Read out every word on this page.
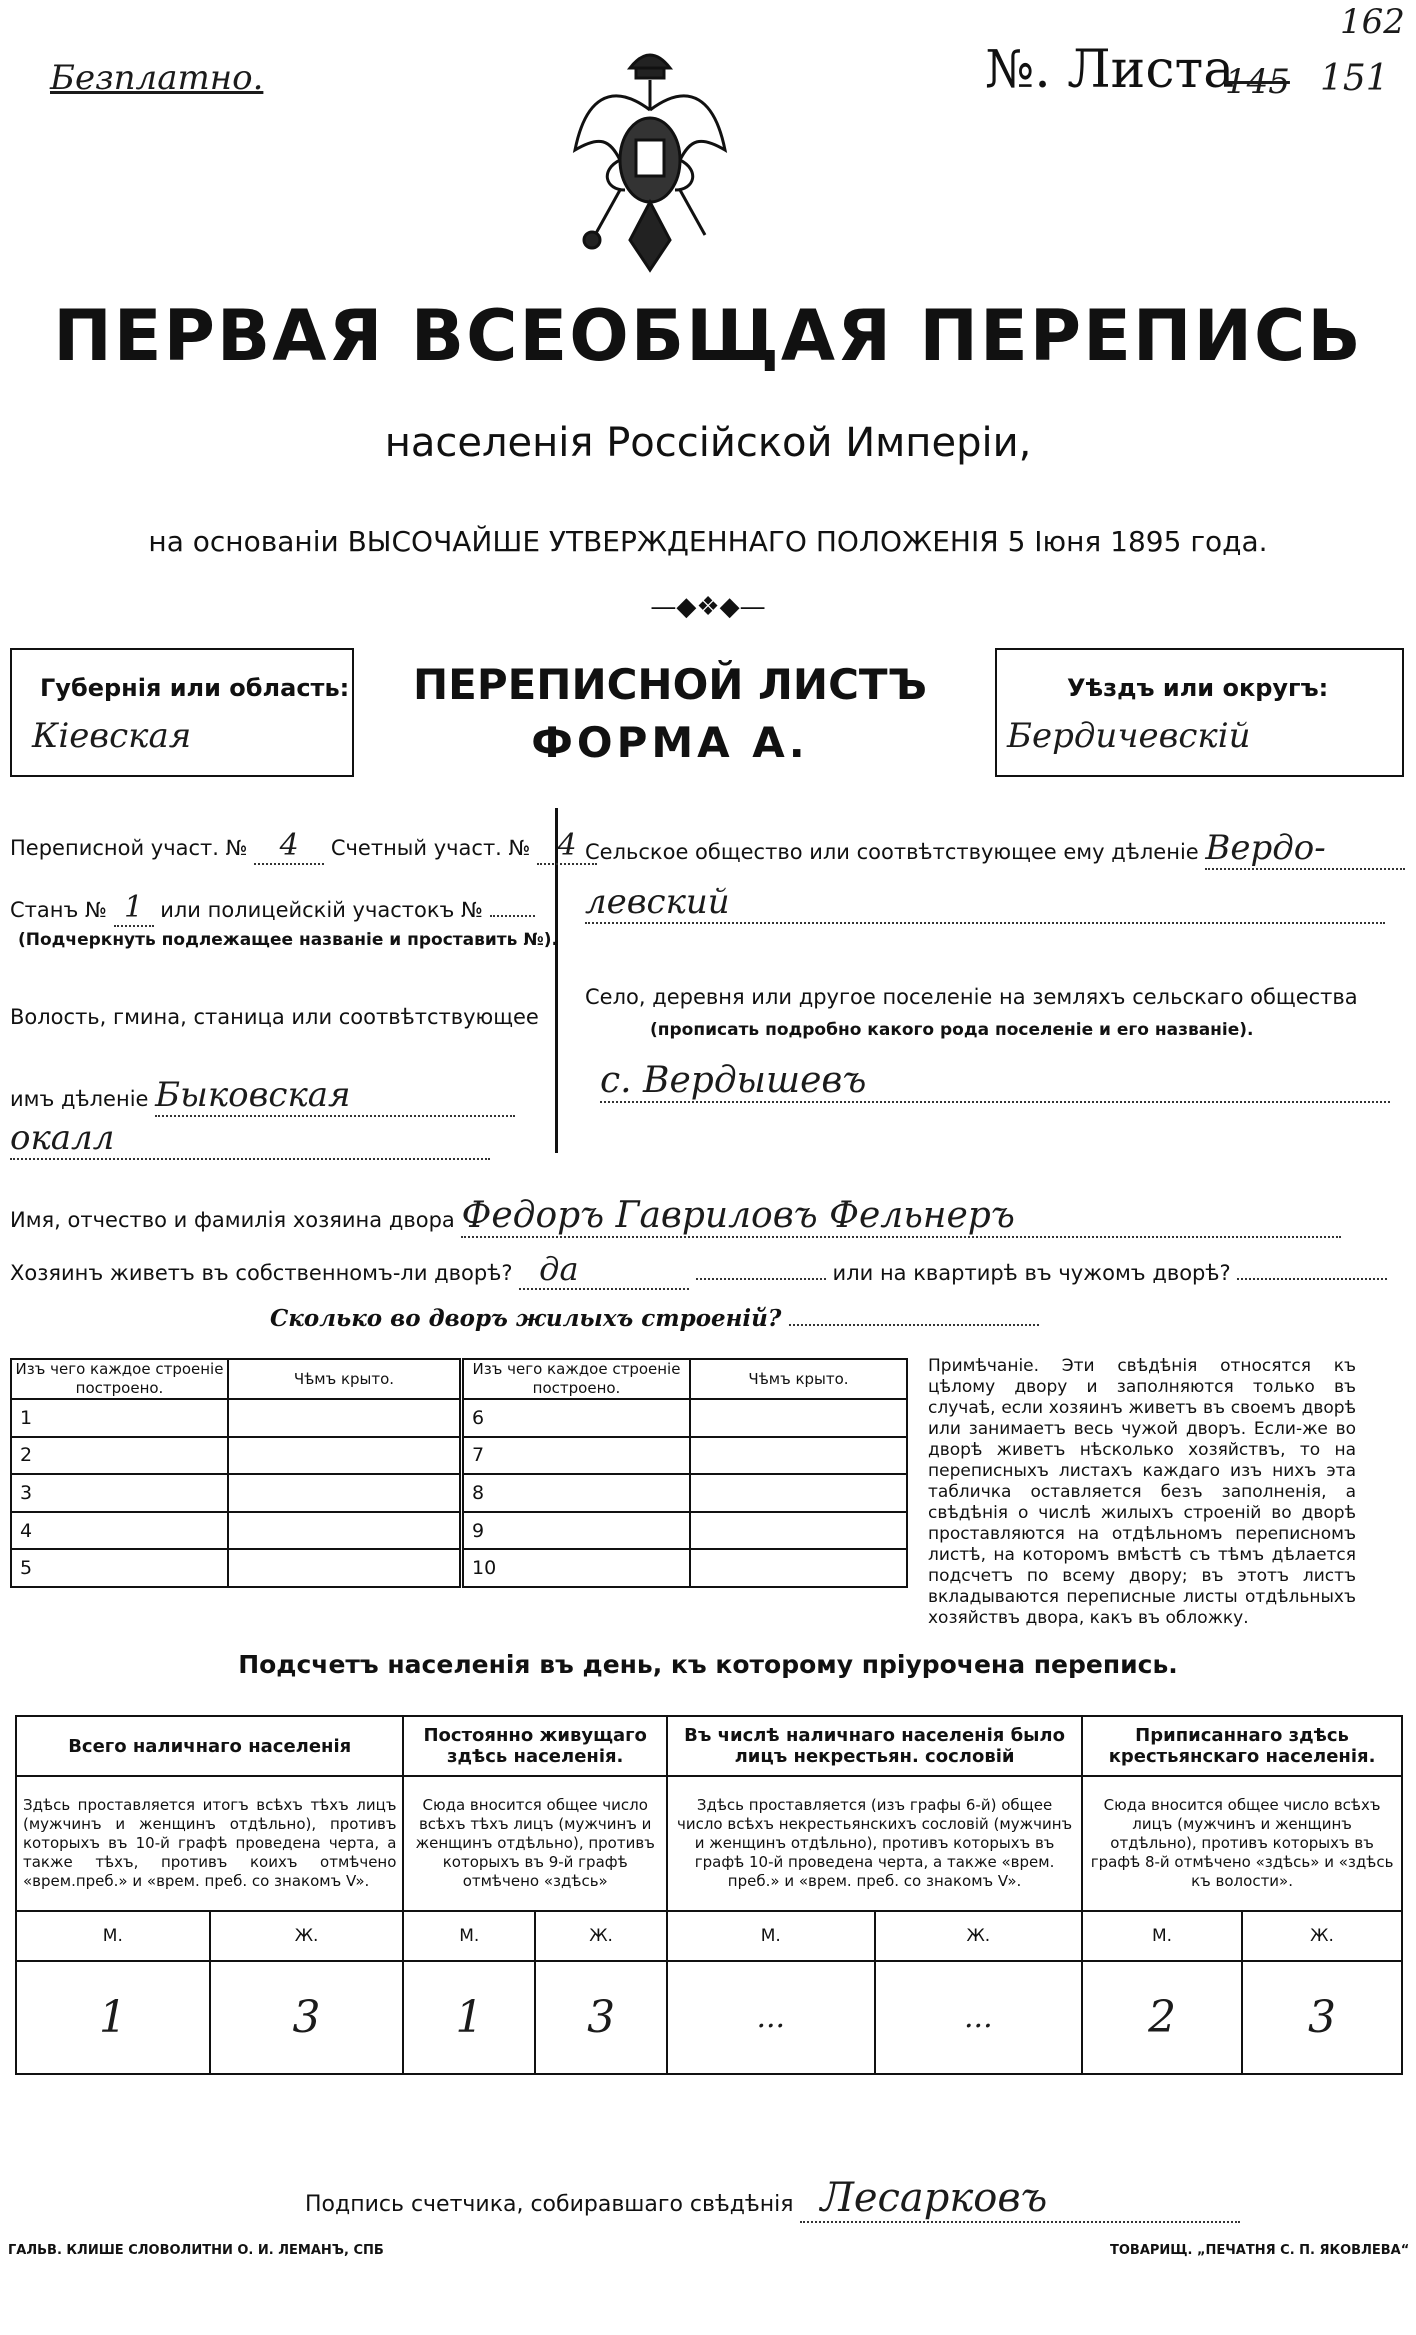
Безплатно.	№. Листа
145 151
162
ПЕРВАЯ ВСЕОБЩАЯ ПЕРЕПИСЬ
населенія Россійской Имперіи,
на основаніи ВЫСОЧАЙШЕ УТВЕРЖДЕННАГО ПОЛОЖЕНІЯ 5 Іюня 1895 года.
—◆❖◆—
Губернія или область:
Кіевская
ПЕРЕПИСНОЙ ЛИСТЪ
ФОРМА А.
Уѣздъ или округъ:
Бердичевскій
Переписной участ. № 4 Счетный участ. № 4
Станъ № 1 или полицейскій участокъ №
(Подчеркнуть подлежащее названіе и проставить №).
Волость, гмина, станица или соотвѣтствующее
имъ дѣленіе Быковская
окалл
Сельское общество или соотвѣтствующее ему дѣленіе Вердо-
левский
Село, деревня или другое поселеніе на земляхъ сельскаго общества
(прописать подробно какого рода поселеніе и его названіе).
с. Вердышевъ
Имя, отчество и фамилія хозяина двора Федоръ Гавриловъ Фельнеръ
Хозяинъ живетъ въ собственномъ-ли дворѣ? да	или на квартирѣ въ чужомъ дворѣ?
Сколько во дворъ жилыхъ строеній?
Изъ чего каждое строеніе построено.	Чѣмъ крыто.	Изъ чего каждое строеніе построено.	Чѣмъ крыто.
1		6	
2		7	
3		8	
4		9	
5		10	
Примѣчаніе. Эти свѣдѣнія относятся къ цѣлому двору и заполняются только въ случаѣ, если хозяинъ живетъ въ своемъ дворѣ или занимаетъ весь чужой дворъ. Если-же во дворѣ живетъ нѣсколько хозяйствъ, то на переписныхъ листахъ каждаго изъ нихъ эта табличка оставляется безъ заполненія, а свѣдѣнія о числѣ жилыхъ строеній во дворѣ проставляются на отдѣльномъ переписномъ листѣ, на которомъ вмѣстѣ съ тѣмъ дѣлается подсчетъ по всему двору; въ этотъ листъ вкладываются переписные листы отдѣльныхъ хозяйствъ двора, какъ въ обложку.
Подсчетъ населенія въ день, къ которому пріурочена перепись.
Всего наличнаго населенія		Постоянно живущаго здѣсь населенія.		Въ числѣ наличнаго населенія было лицъ некрестьян. сословій		Приписаннаго здѣсь крестьянскаго населенія.	
Здѣсь проставляется итогъ всѣхъ тѣхъ лицъ (мужчинъ и женщинъ отдѣльно), противъ которыхъ въ 10-й графѣ проведена черта, а также тѣхъ, противъ коихъ отмѣчено «врем.преб.» и «врем. преб. со знакомъ V».		Сюда вносится общее число всѣхъ тѣхъ лицъ (мужчинъ и женщинъ отдѣльно), противъ которыхъ въ 9-й графѣ отмѣчено «здѣсь»		Здѣсь проставляется (изъ графы 6-й) общее число всѣхъ некрестьянскихъ сословій (мужчинъ и женщинъ отдѣльно), противъ которыхъ въ графѣ 10-й проведена черта, а также «врем. преб.» и «врем. преб. со знакомъ V».		Сюда вносится общее число всѣхъ лицъ (мужчинъ и женщинъ отдѣльно), противъ которыхъ въ графѣ 8-й отмѣчено «здѣсь» и «здѣсь къ волости».	
М.	Ж.	М.	Ж.	М.	Ж.	М.	Ж.
1	3	1	3	...	...	2	3
Подпись счетчика, собиравшаго свѣдѣнія Лесарковъ
ГАЛЬВ. КЛИШЕ СЛОВОЛИТНИ О. И. ЛЕМАНЪ, СПБ	ТОВАРИЩ. „ПЕЧАТНЯ С. П. ЯКОВЛЕВА“
